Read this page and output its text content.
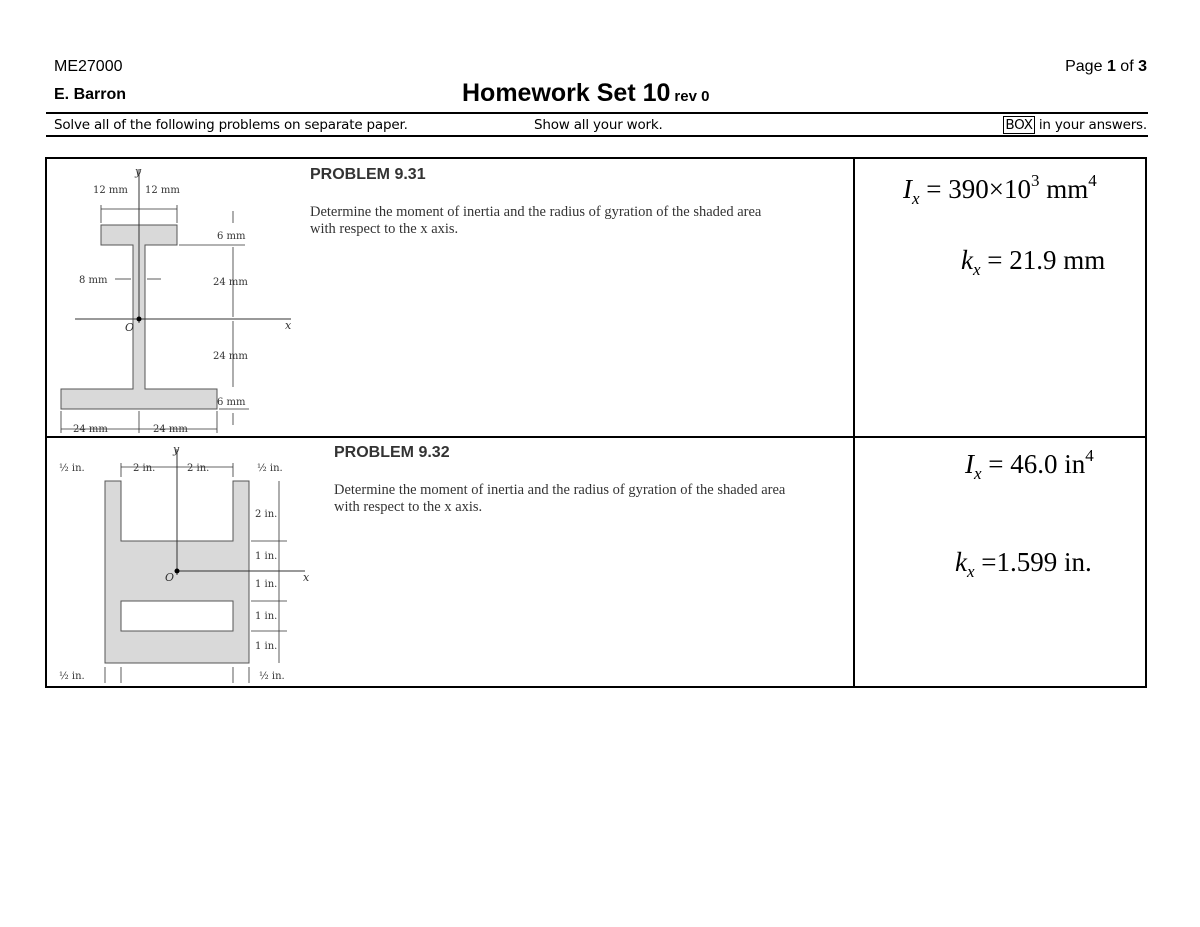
ME27000	Page 1 of 3
E. Barron	Homework Set 10 rev 0
Solve all of the following problems on separate paper.	Show all your work.	BOX in your answers.
y
x
O
12 mm 12 mm
6 mm
8 mm	24 mm
24 mm
6 mm
24 mm	24 mm
PROBLEM 9.31
Determine the moment of inertia and the radius of gyration of the shaded area with respect to the x axis.
$I_x = 390\times 10^3$ $mm^4$
$k_x = 21.9$ mm
y
x
O
½ in.	2 in.	2 in.	½ in.
2 in.
1 in.
1 in.
1 in.
1 in.
½ in.	½ in.
PROBLEM 9.32
Determine the moment of inertia and the radius of gyration of the shaded area with respect to the x axis.
$I_x = 46.0$ $in^4$
$k_x =1.599$ in.
